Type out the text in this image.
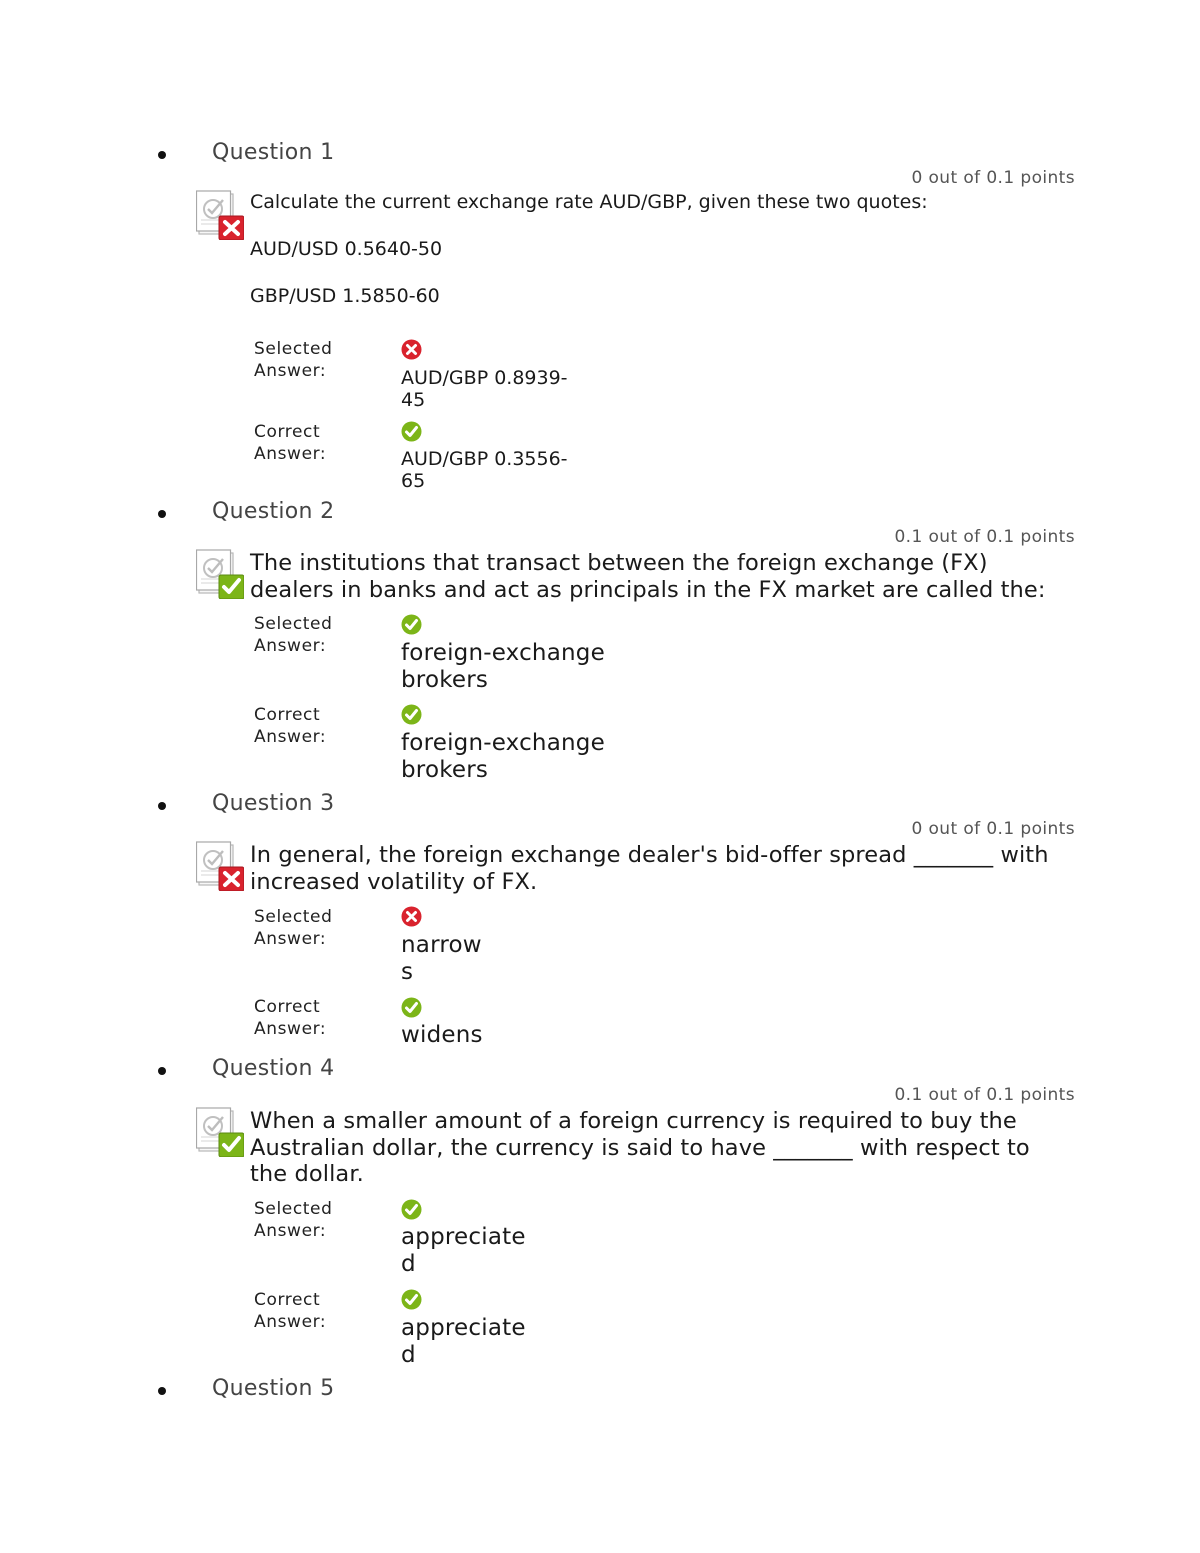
Question 1
0 out of 0.1 points
Calculate the current exchange rate AUD/GBP, given these two quotes:
AUD/USD 0.5640-50
GBP/USD 1.5850-60
Selected
Answer:	AUD/GBP 0.8939-
45
Correct
Answer:	AUD/GBP 0.3556-
65
Question 2
0.1 out of 0.1 points
The institutions that transact between the foreign exchange (FX)
dealers in banks and act as principals in the FX market are called the:
Selected
Answer:	foreign-exchange
brokers
Correct
Answer:	foreign-exchange
brokers
Question 3
0 out of 0.1 points
In general, the foreign exchange dealer's bid-offer spread _______ with
increased volatility of FX.
Selected
Answer:	narrow
s
Correct
Answer:	widens
Question 4
0.1 out of 0.1 points
When a smaller amount of a foreign currency is required to buy the
Australian dollar, the currency is said to have _______ with respect to
the dollar.
Selected
Answer:	appreciate
d
Correct
Answer:	appreciate
d
Question 5
